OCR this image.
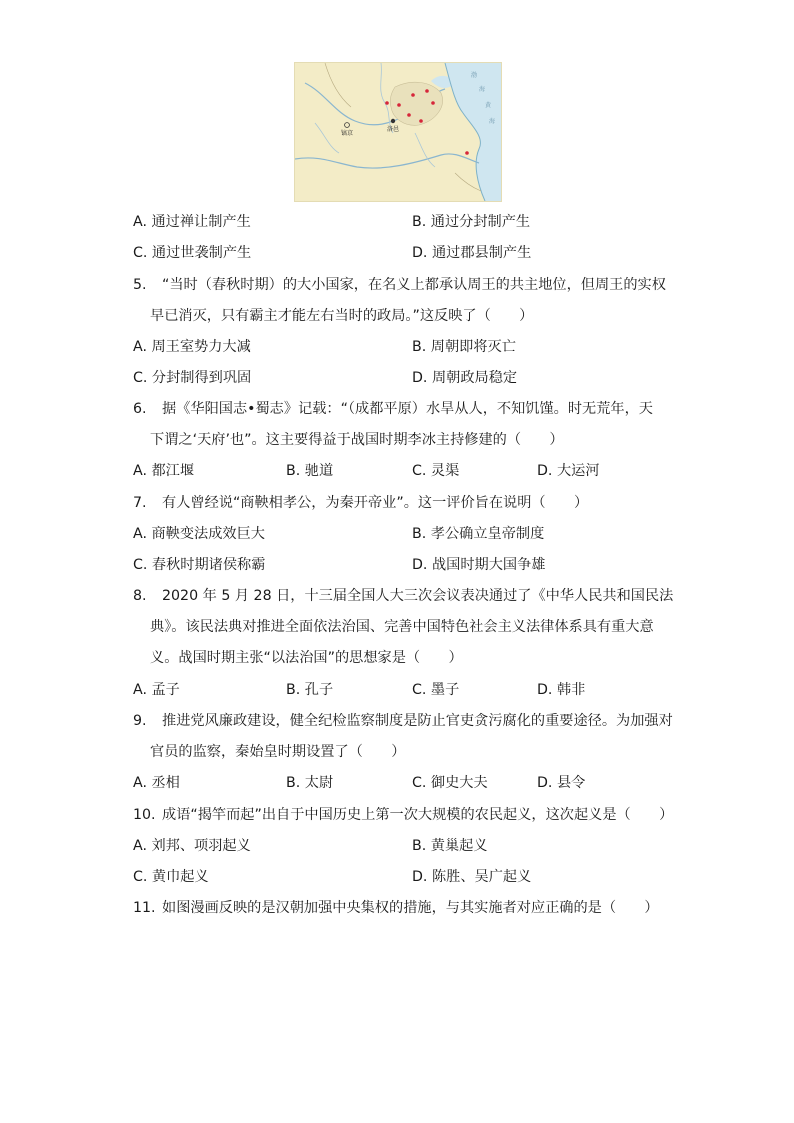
渤
海
黄
海
镐京
洛邑
A. 通过禅让制产生	B. 通过分封制产生
C. 通过世袭制产生	D. 通过郡县制产生
5. “当时（春秋时期）的大小国家，在名义上都承认周王的共主地位，但周王的实权
早已消灭，只有霸主才能左右当时的政局。”这反映了（　　）
A. 周王室势力大减	B. 周朝即将灭亡
C. 分封制得到巩固	D. 周朝政局稳定
6. 据《华阳国志•蜀志》记载：“（成都平原）水旱从人，不知饥馑。时无荒年，天
下谓之‘天府’也”。这主要得益于战国时期李冰主持修建的（　　）
A. 都江堰	B. 驰道	C. 灵渠	D. 大运河
7. 有人曾经说“商鞅相孝公，为秦开帝业”。这一评价旨在说明（　　）
A. 商鞅变法成效巨大	B. 孝公确立皇帝制度
C. 春秋时期诸侯称霸	D. 战国时期大国争雄
8. 2020 年 5 月 28 日，十三届全国人大三次会议表决通过了《中华人民共和国民法
典》。该民法典对推进全面依法治国、完善中国特色社会主义法律体系具有重大意
义。战国时期主张“以法治国”的思想家是（　　）
A. 孟子	B. 孔子	C. 墨子	D. 韩非
9. 推进党风廉政建设，健全纪检监察制度是防止官吏贪污腐化的重要途径。为加强对
官员的监察，秦始皇时期设置了（　　）
A. 丞相	B. 太尉	C. 御史大夫	D. 县令
10. 成语“揭竿而起”出自于中国历史上第一次大规模的农民起义，这次起义是（　　）
A. 刘邦、项羽起义	B. 黄巢起义
C. 黄巾起义	D. 陈胜、吴广起义
11. 如图漫画反映的是汉朝加强中央集权的措施，与其实施者对应正确的是（　　）
